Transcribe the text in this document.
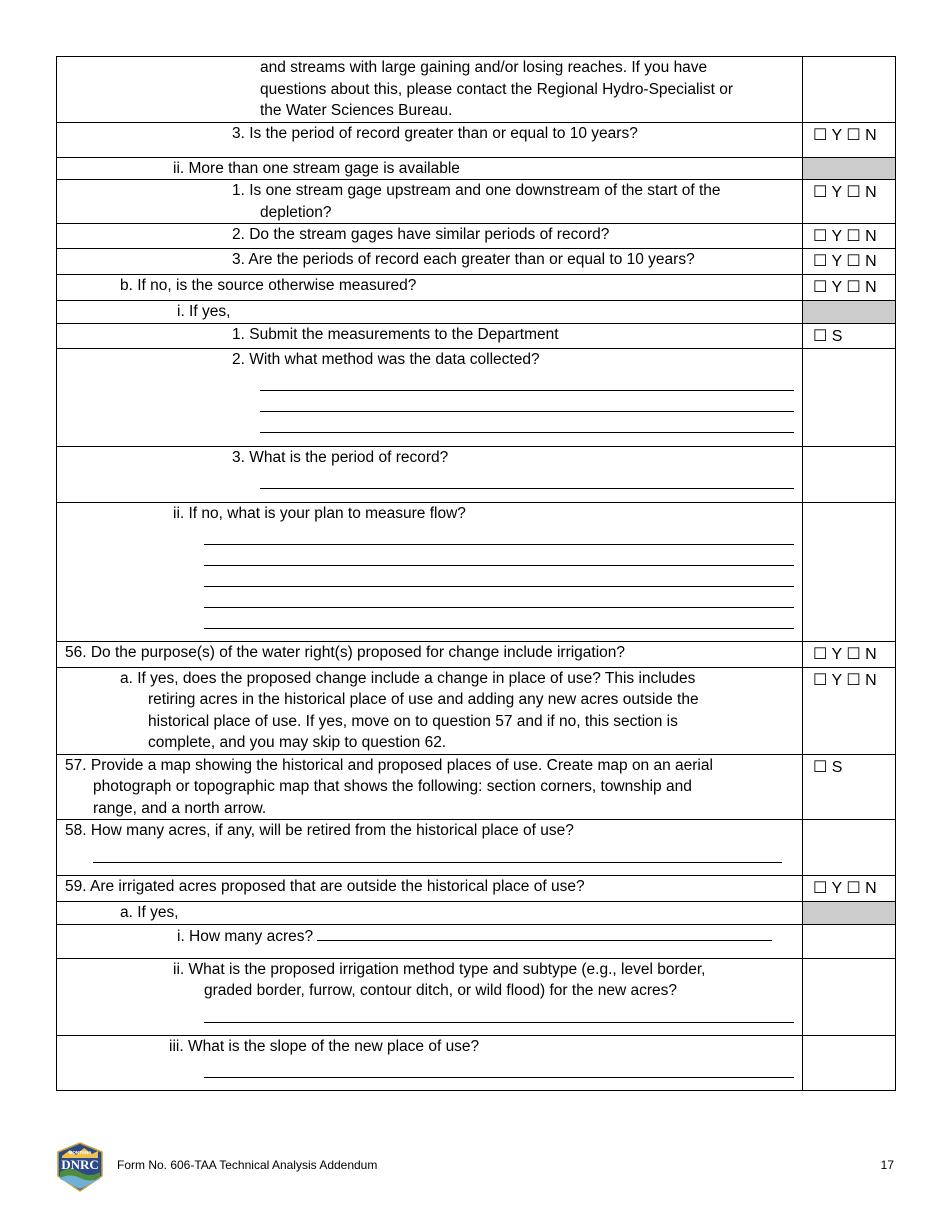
and streams with large gaining and/or losing reaches. If you have
questions about this, please contact the Regional Hydro-Specialist or
the Water Sciences Bureau.	

3. Is the period of record greater than or equal to 10 years?	☐ Y ☐ N

ii. More than one stream gage is available	

1. Is one stream gage upstream and one downstream of the start of the
depletion?	☐ Y ☐ N

2. Do the stream gages have similar periods of record?	☐ Y ☐ N

3. Are the periods of record each greater than or equal to 10 years?	☐ Y ☐ N

b. If no, is the source otherwise measured?	☐ Y ☐ N

i. If yes,	

1. Submit the measurements to the Department	☐ S

2. With what method was the data collected?	

3. What is the period of record?	

ii. If no, what is your plan to measure flow?	

56. Do the purpose(s) of the water right(s) proposed for change include irrigation?	☐ Y ☐ N

a. If yes, does the proposed change include a change in place of use? This includes
retiring acres in the historical place of use and adding any new acres outside the
historical place of use. If yes, move on to question 57 and if no, this section is
complete, and you may skip to question 62.	☐ Y ☐ N

57. Provide a map showing the historical and proposed places of use. Create map on an aerial
photograph or topographic map that shows the following: section corners, township and
range, and a north arrow.	☐ S

58. How many acres, if any, will be retired from the historical place of use?	

59. Are irrigated acres proposed that are outside the historical place of use?	☐ Y ☐ N

a. If yes,	

i. How many acres?	

ii. What is the proposed irrigation method type and subtype (e.g., level border,
graded border, furrow, contour ditch, or wild flood) for the new acres?	

iii. What is the slope of the new place of use?	

MONTANA
DNRC Form No. 606-TAA Technical Analysis Addendum	17
